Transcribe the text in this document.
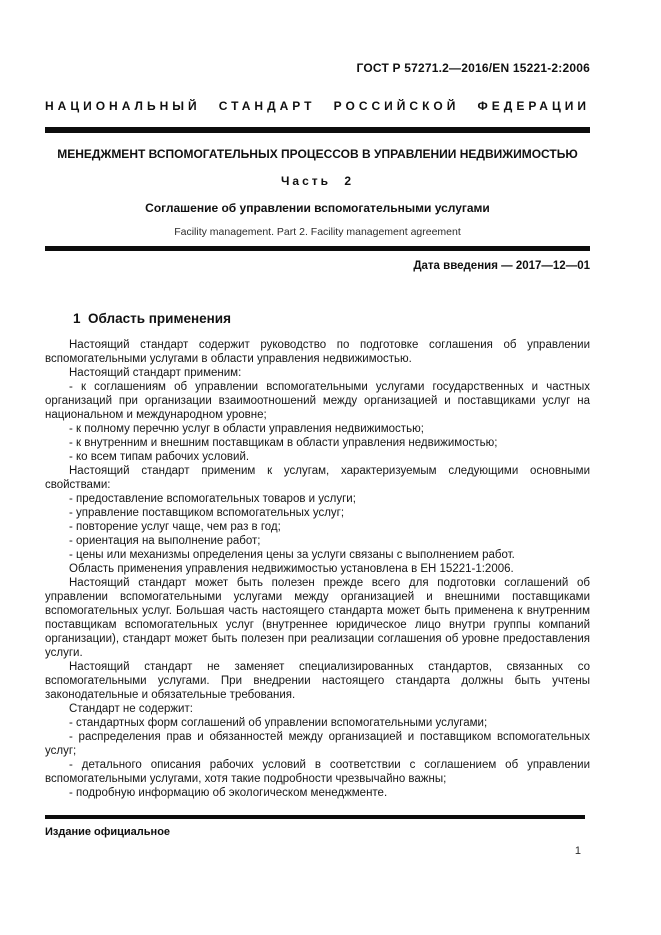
ГОСТ Р 57271.2—2016/EN 15221-2:2006
НАЦИОНАЛЬНЫЙ СТАНДАРТ РОССИЙСКОЙ ФЕДЕРАЦИИ
МЕНЕДЖМЕНТ ВСПОМОГАТЕЛЬНЫХ ПРОЦЕССОВ В УПРАВЛЕНИИ НЕДВИЖИМОСТЬЮ
Часть 2
Соглашение об управлении вспомогательными услугами
Facility management. Part 2. Facility management agreement
Дата введения — 2017—12—01
1  Область применения

Настоящий стандарт содержит руководство по подготовке соглашения об управлении вспомогательными услугами в области управления недвижимостью.

Настоящий стандарт применим:

- к соглашениям об управлении вспомогательными услугами государственных и частных организаций при организации взаимоотношений между организацией и поставщиками услуг на национальном и международном уровне;

- к полному перечню услуг в области управления недвижимостью;

- к внутренним и внешним поставщикам в области управления недвижимостью;

- ко всем типам рабочих условий.

Настоящий стандарт применим к услугам, характеризуемым следующими основными свойствами:

- предоставление вспомогательных товаров и услуги;

- управление поставщиком вспомогательных услуг;

- повторение услуг чаще, чем раз в год;

- ориентация на выполнение работ;

- цены или механизмы определения цены за услуги связаны с выполнением работ.

Область применения управления недвижимостью установлена в ЕН 15221-1:2006.

Настоящий стандарт может быть полезен прежде всего для подготовки соглашений об управлении вспомогательными услугами между организацией и внешними поставщиками вспомогательных услуг. Большая часть настоящего стандарта может быть применена к внутренним поставщикам вспомогательных услуг (внутреннее юридическое лицо внутри группы компаний организации), стандарт может быть полезен при реализации соглашения об уровне предоставления услуги.

Настоящий стандарт не заменяет специализированных стандартов, связанных со вспомогательными услугами. При внедрении настоящего стандарта должны быть учтены законодательные и обязательные требования.

Стандарт не содержит:

- стандартных форм соглашений об управлении вспомогательными услугами;

- распределения прав и обязанностей между организацией и поставщиком вспомогательных услуг;

- детального описания рабочих условий в соответствии с соглашением об управлении вспомогательными услугами, хотя такие подробности чрезвычайно важны;

- подробную информацию об экологическом менеджменте.

Издание официальное
1
